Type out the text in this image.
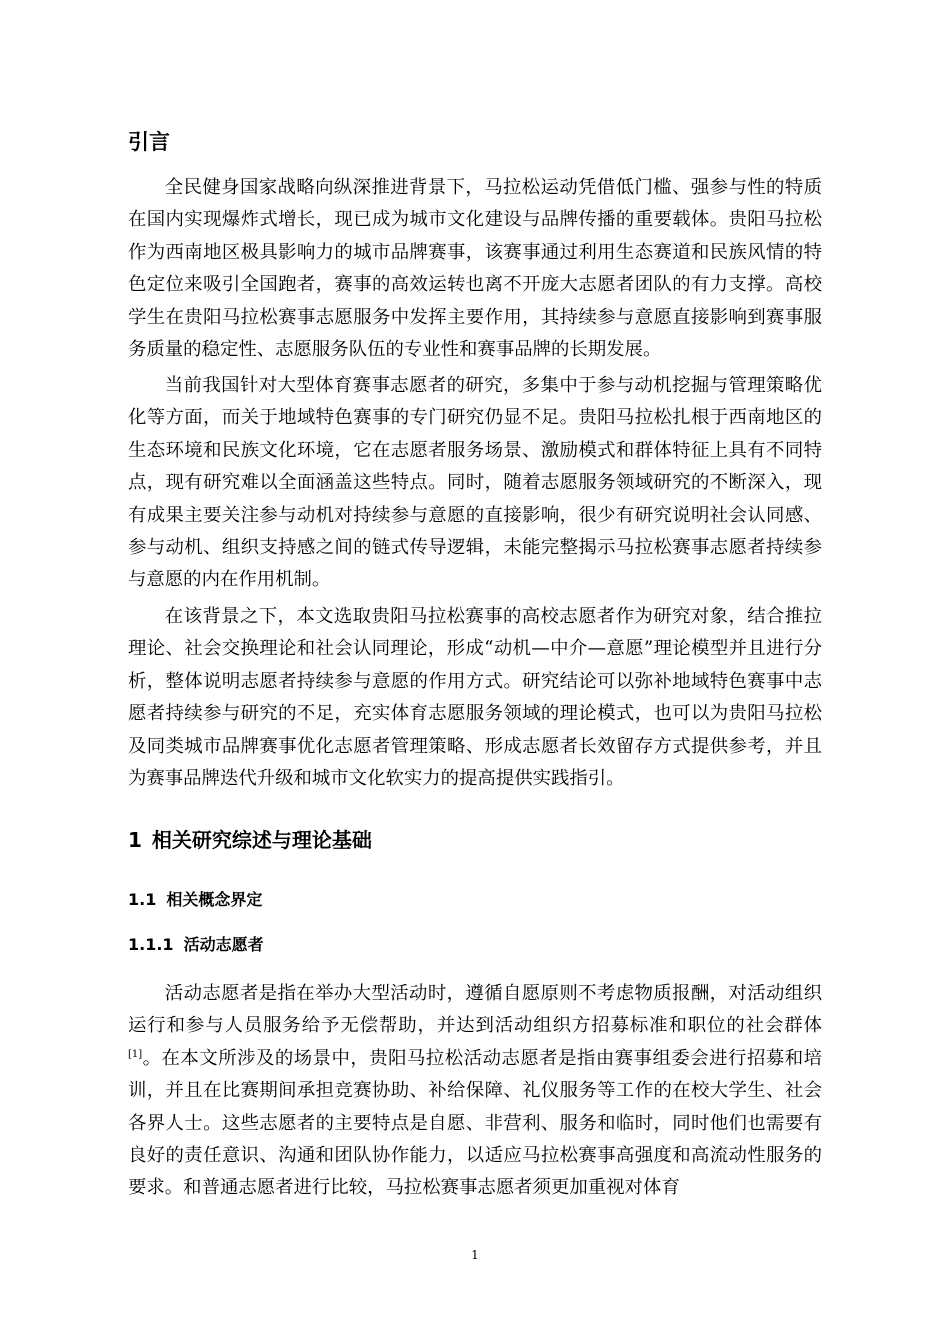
引言

全民健身国家战略向纵深推进背景下，马拉松运动凭借低门槛、强参与性的特质在国内实现爆炸式增长，现已成为城市文化建设与品牌传播的重要载体。贵阳马拉松作为西南地区极具影响力的城市品牌赛事，该赛事通过利用生态赛道和民族风情的特色定位来吸引全国跑者，赛事的高效运转也离不开庞大志愿者团队的有力支撑。高校学生在贵阳马拉松赛事志愿服务中发挥主要作用，其持续参与意愿直接影响到赛事服务质量的稳定性、志愿服务队伍的专业性和赛事品牌的长期发展。

当前我国针对大型体育赛事志愿者的研究，多集中于参与动机挖掘与管理策略优化等方面，而关于地域特色赛事的专门研究仍显不足。贵阳马拉松扎根于西南地区的生态环境和民族文化环境，它在志愿者服务场景、激励模式和群体特征上具有不同特点，现有研究难以全面涵盖这些特点。同时，随着志愿服务领域研究的不断深入，现有成果主要关注参与动机对持续参与意愿的直接影响，很少有研究说明社会认同感、参与动机、组织支持感之间的链式传导逻辑，未能完整揭示马拉松赛事志愿者持续参与意愿的内在作用机制。

在该背景之下，本文选取贵阳马拉松赛事的高校志愿者作为研究对象，结合推拉理论、社会交换理论和社会认同理论，形成“动机—中介—意愿”理论模型并且进行分析，整体说明志愿者持续参与意愿的作用方式。研究结论可以弥补地域特色赛事中志愿者持续参与研究的不足，充实体育志愿服务领域的理论模式，也可以为贵阳马拉松及同类城市品牌赛事优化志愿者管理策略、形成志愿者长效留存方式提供参考，并且为赛事品牌迭代升级和城市文化软实力的提高提供实践指引。

1 相关研究综述与理论基础
1.1 相关概念界定
1.1.1 活动志愿者

活动志愿者是指在举办大型活动时，遵循自愿原则不考虑物质报酬，对活动组织运行和参与人员服务给予无偿帮助，并达到活动组织方招募标准和职位的社会群体[1]。在本文所涉及的场景中，贵阳马拉松活动志愿者是指由赛事组委会进行招募和培训，并且在比赛期间承担竞赛协助、补给保障、礼仪服务等工作的在校大学生、社会各界人士。这些志愿者的主要特点是自愿、非营利、服务和临时，同时他们也需要有良好的责任意识、沟通和团队协作能力，以适应马拉松赛事高强度和高流动性服务的要求。和普通志愿者进行比较，马拉松赛事志愿者须更加重视对体育

1
